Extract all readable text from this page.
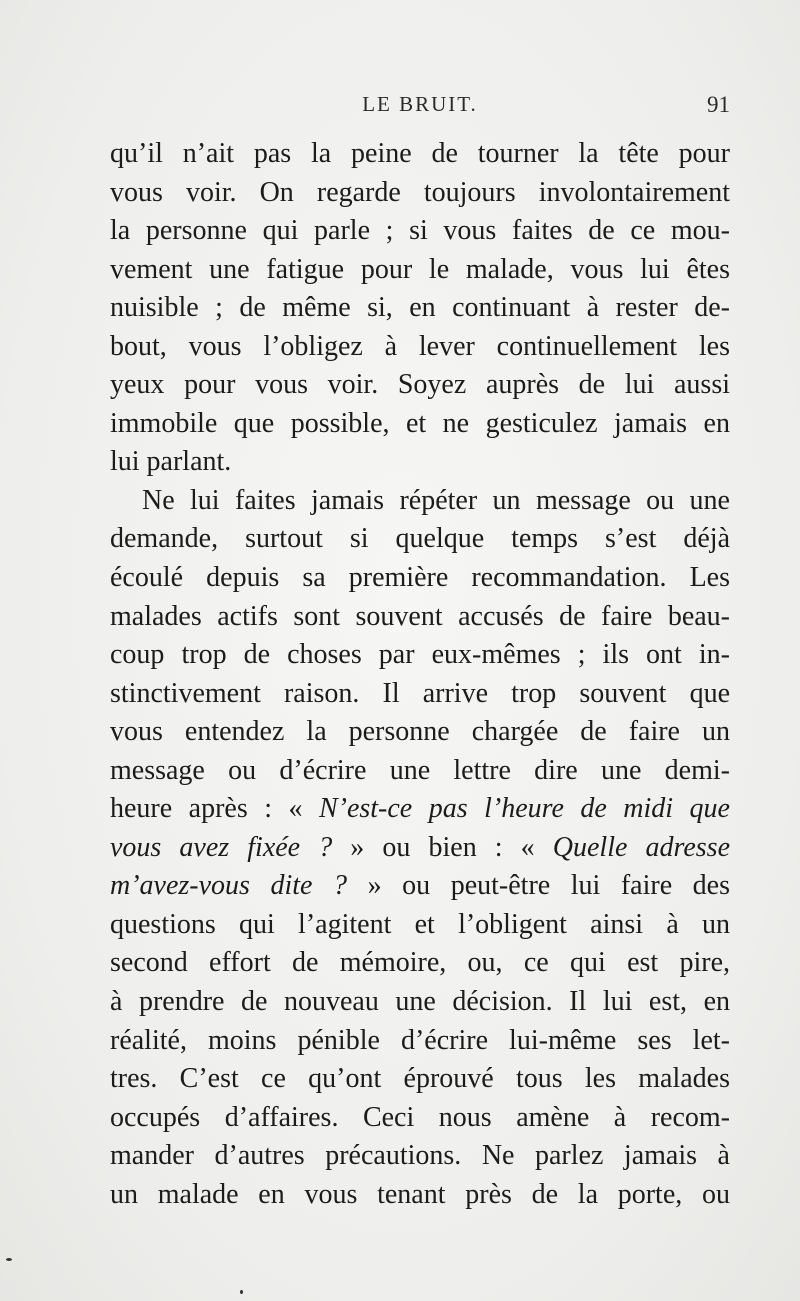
LE BRUIT.	91
qu’il n’ait pas la peine de tourner la tête pour
vous voir. On regarde toujours involontairement
la personne qui parle ; si vous faites de ce mou-
vement une fatigue pour le malade, vous lui êtes
nuisible ; de même si, en continuant à rester de-
bout, vous l’obligez à lever continuellement les
yeux pour vous voir. Soyez auprès de lui aussi
immobile que possible, et ne gesticulez jamais en
lui parlant.
Ne lui faites jamais répéter un message ou une
demande, surtout si quelque temps s’est déjà
écoulé depuis sa première recommandation. Les
malades actifs sont souvent accusés de faire beau-
coup trop de choses par eux-mêmes ; ils ont in-
stinctivement raison. Il arrive trop souvent que
vous entendez la personne chargée de faire un
message ou d’écrire une lettre dire une demi-
heure après : « N’est-ce pas l’heure de midi que
vous avez fixée ? » ou bien : « Quelle adresse
m’avez-vous dite ? » ou peut-être lui faire des
questions qui l’agitent et l’obligent ainsi à un
second effort de mémoire, ou, ce qui est pire,
à prendre de nouveau une décision. Il lui est, en
réalité, moins pénible d’écrire lui-même ses let-
tres. C’est ce qu’ont éprouvé tous les malades
occupés d’affaires. Ceci nous amène à recom-
mander d’autres précautions. Ne parlez jamais à
un malade en vous tenant près de la porte, ou
